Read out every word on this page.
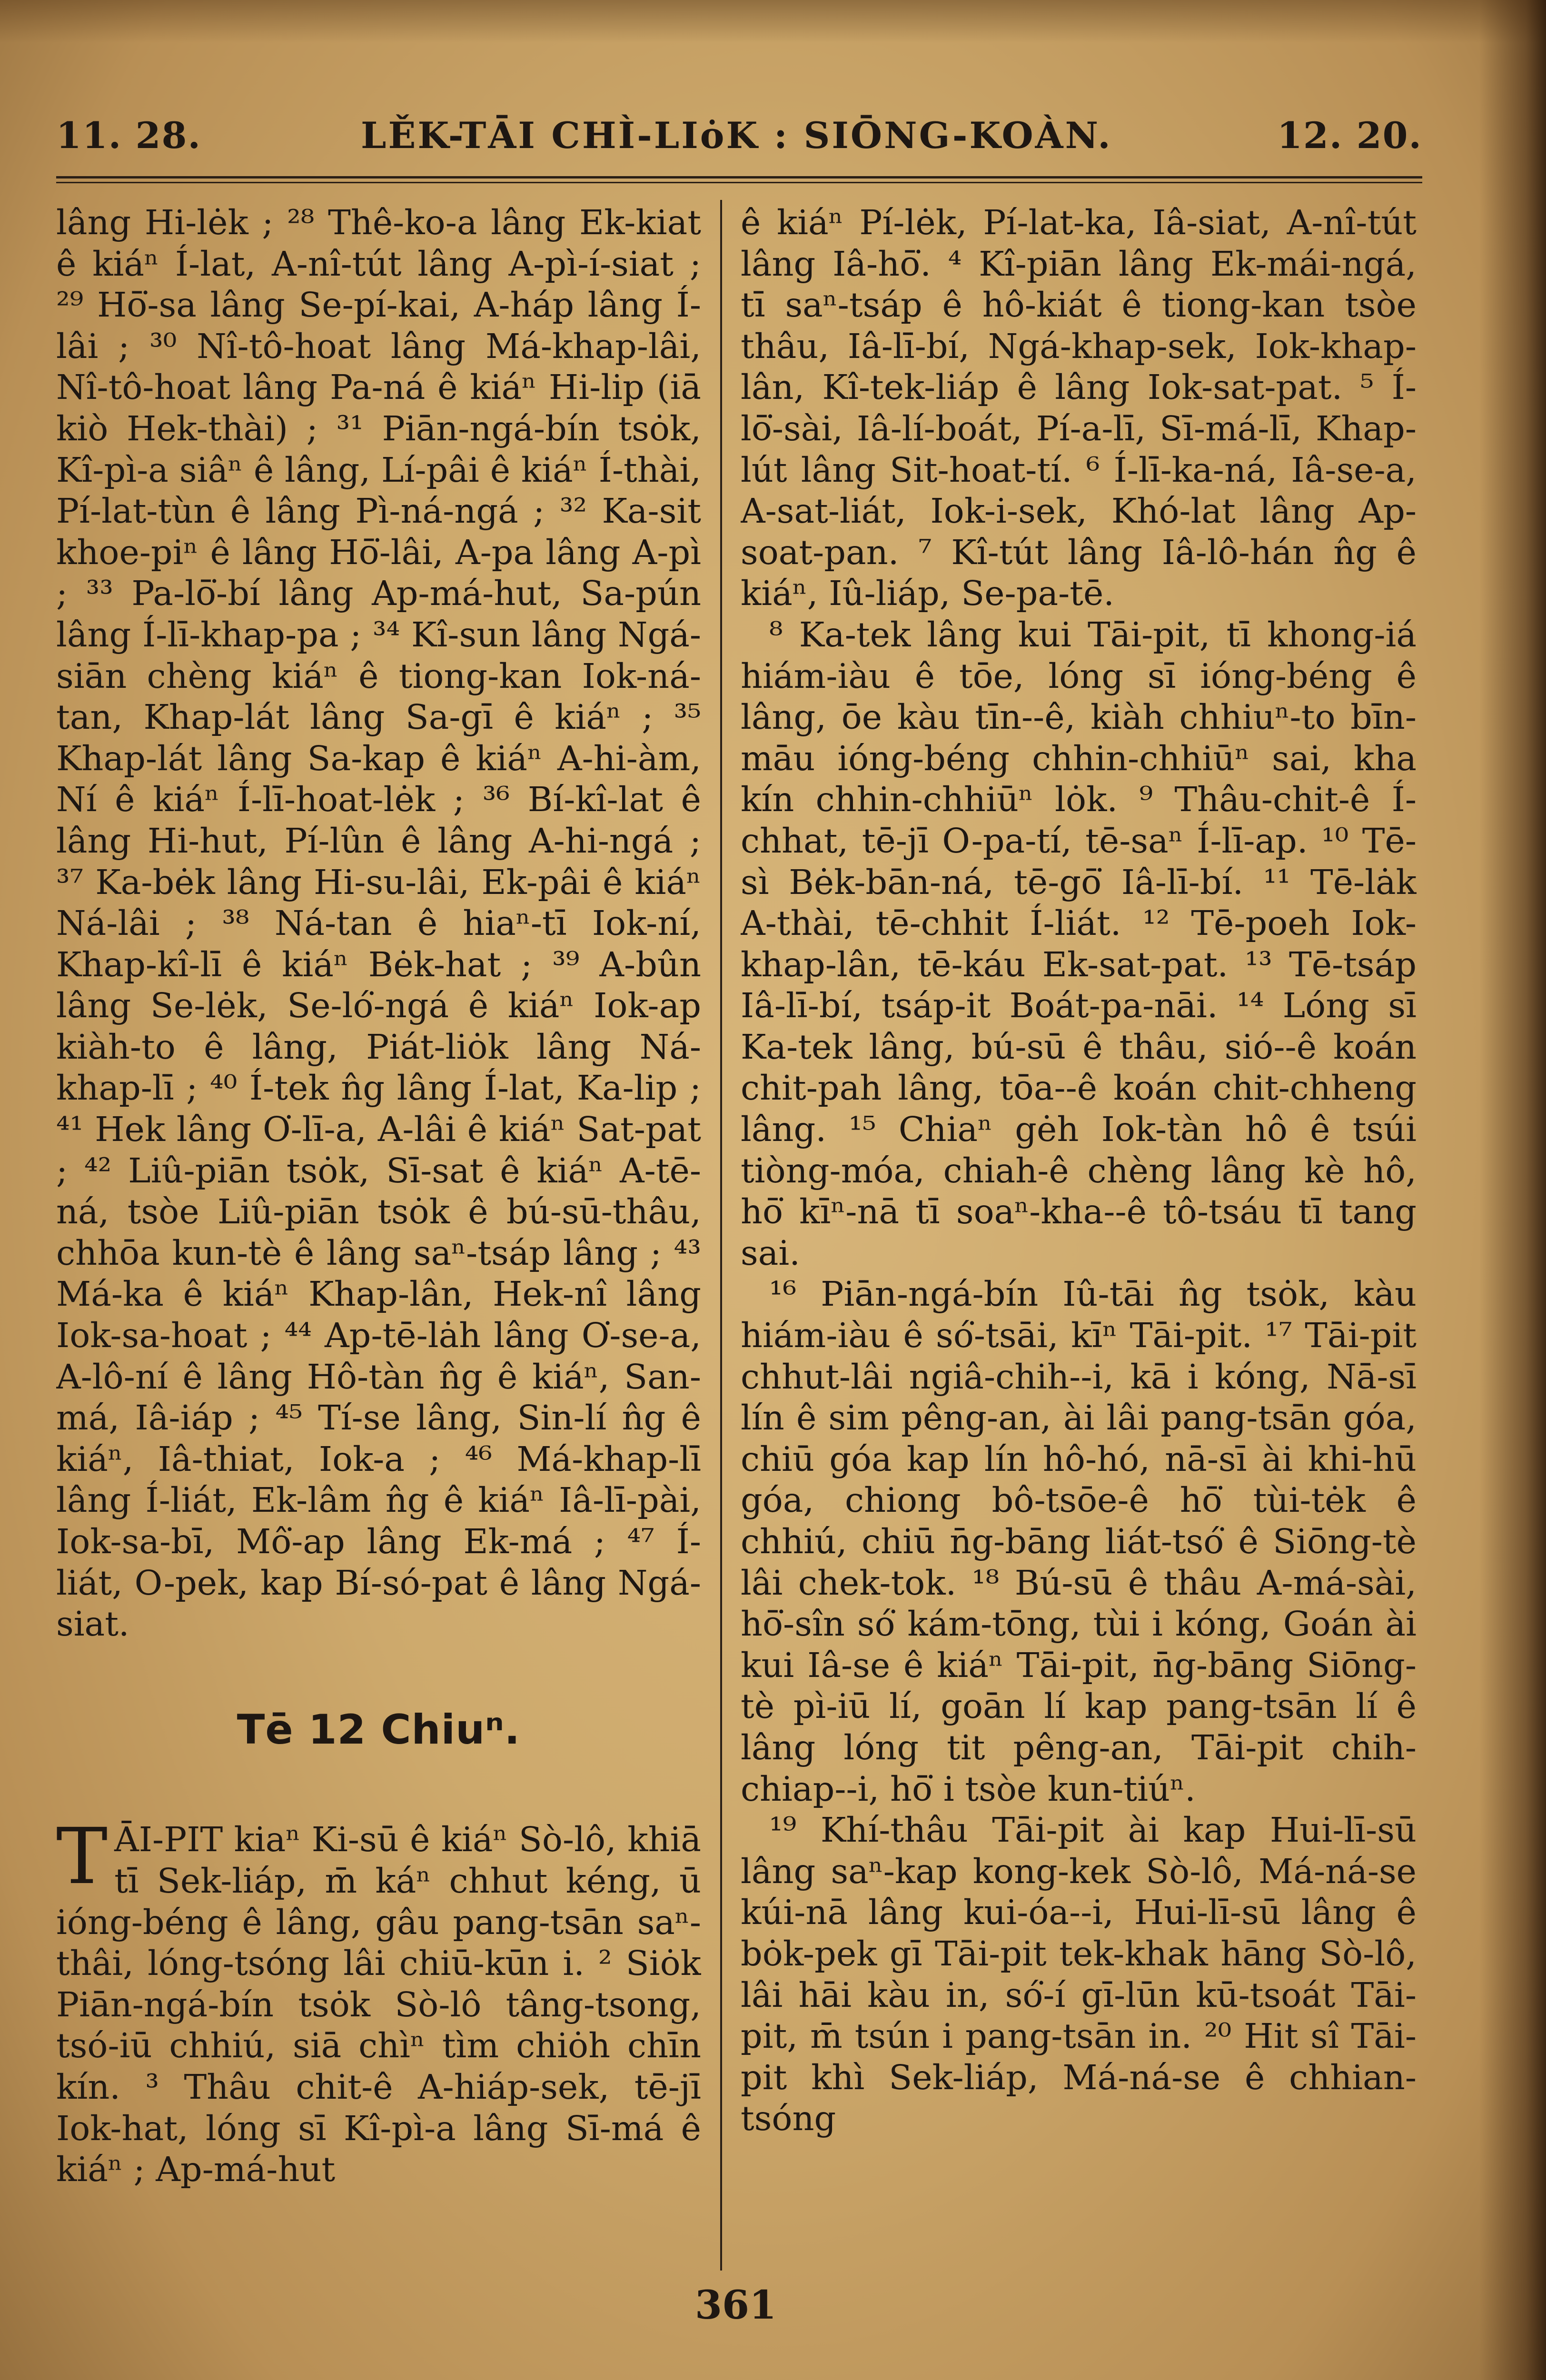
11. 28.	LĚK-TĀI CHÌ-LIȯK : SIŌNG-KOÀN.	12. 20.

lâng Hi-lėk ; ²⁸ Thê-ko-a lâng Ek-kiat ê kiáⁿ Í-lat, A-nî-tút lâng A-pì-í-siat ; ²⁹ Hō͘-sa lâng Se-pí-kai, A-háp lâng Í-lâi ; ³⁰ Nî-tô-hoat lâng Má-khap-lâi, Nî-tô-hoat lâng Pa-ná ê kiáⁿ Hi-lip (iā kiò Hek-thài) ; ³¹ Piān-ngá-bín tsȯk, Kî-pì-a siâⁿ ê lâng, Lí-pâi ê kiáⁿ Í-thài, Pí-lat-tùn ê lâng Pì-ná-ngá ; ³² Ka-sit khoe-piⁿ ê lâng Hō͘-lâi, A-pa lâng A-pì ; ³³ Pa-lō͘-bí lâng Ap-má-hut, Sa-pún lâng Í-lī-khap-pa ; ³⁴ Kî-sun lâng Ngá-siān chèng kiáⁿ ê tiong-kan Iok-ná-tan, Khap-lát lâng Sa-gī ê kiáⁿ ; ³⁵ Khap-lát lâng Sa-kap ê kiáⁿ A-hi-àm, Ní ê kiáⁿ Í-lī-hoat-lėk ; ³⁶ Bí-kî-lat ê lâng Hi-hut, Pí-lûn ê lâng A-hi-ngá ; ³⁷ Ka-bėk lâng Hi-su-lâi, Ek-pâi ê kiáⁿ Ná-lâi ; ³⁸ Ná-tan ê hiaⁿ-tī Iok-ní, Khap-kî-lī ê kiáⁿ Bėk-hat ; ³⁹ A-bûn lâng Se-lėk, Se-ló͘-ngá ê kiáⁿ Iok-ap kiàh-to ê lâng, Piát-liȯk lâng Ná-khap-lī ; ⁴⁰ Í-tek n̂g lâng Í-lat, Ka-lip ; ⁴¹ Hek lâng O͘-lī-a, A-lâi ê kiáⁿ Sat-pat ; ⁴² Liû-piān tsȯk, Sī-sat ê kiáⁿ A-tē-ná, tsòe Liû-piān tsȯk ê bú-sū-thâu, chhōa kun-tè ê lâng saⁿ-tsáp lâng ; ⁴³ Má-ka ê kiáⁿ Khap-lân, Hek-nî lâng Iok-sa-hoat ; ⁴⁴ Ap-tē-lȧh lâng O͘-se-a, A-lô-ní ê lâng Hô-tàn n̂g ê kiáⁿ, San-má, Iâ-iáp ; ⁴⁵ Tí-se lâng, Sin-lí n̂g ê kiáⁿ, Iâ-thiat, Iok-a ; ⁴⁶ Má-khap-lī lâng Í-liát, Ek-lâm n̂g ê kiáⁿ Iâ-lī-pài, Iok-sa-bī, Mô͘-ap lâng Ek-má ; ⁴⁷ Í-liát, O-pek, kap Bí-só-pat ê lâng Ngá-siat.

Tē 12 Chiuⁿ.

TĀI-PIT kiaⁿ Ki-sū ê kiáⁿ Sò-lô, khiā tī Sek-liáp, m̄ káⁿ chhut kéng, ū ióng-béng ê lâng, gâu pang-tsān saⁿ-thâi, lóng-tsóng lâi chiū-kūn i. ² Siȯk Piān-ngá-bín tsȯk Sò-lô tâng-tsong, tsó-iū chhiú, siā chìⁿ tìm chiȯh chīn kín. ³ Thâu chit-ê A-hiáp-sek, tē-jī Iok-hat, lóng sī Kî-pì-a lâng Sī-má ê kiáⁿ ; Ap-má-hut

ê kiáⁿ Pí-lėk, Pí-lat-ka, Iâ-siat, A-nî-tút lâng Iâ-hō͘. ⁴ Kî-piān lâng Ek-mái-ngá, tī saⁿ-tsáp ê hô-kiát ê tiong-kan tsòe thâu, Iâ-lī-bí, Ngá-khap-sek, Iok-khap-lân, Kî-tek-liáp ê lâng Iok-sat-pat. ⁵ Í-lō͘-sài, Iâ-lí-boát, Pí-a-lī, Sī-má-lī, Khap-lút lâng Sit-hoat-tí. ⁶ Í-lī-ka-ná, Iâ-se-a, A-sat-liát, Iok-i-sek, Khó-lat lâng Ap-soat-pan. ⁷ Kî-tút lâng Iâ-lô-hán n̂g ê kiáⁿ, Iû-liáp, Se-pa-tē.

⁸ Ka-tek lâng kui Tāi-pit, tī khong-iá hiám-iàu ê tōe, lóng sī ióng-béng ê lâng, ōe kàu tīn--ê, kiàh chhiuⁿ-to bīn-māu ióng-béng chhin-chhiūⁿ sai, kha kín chhin-chhiūⁿ lȯk. ⁹ Thâu-chit-ê Í-chhat, tē-jī O-pa-tí, tē-saⁿ Í-lī-ap. ¹⁰ Tē-sì Bėk-bān-ná, tē-gō͘ Iâ-lī-bí. ¹¹ Tē-lȧk A-thài, tē-chhit Í-liát. ¹² Tē-poeh Iok-khap-lân, tē-káu Ek-sat-pat. ¹³ Tē-tsáp Iâ-lī-bí, tsáp-it Boát-pa-nāi. ¹⁴ Lóng sī Ka-tek lâng, bú-sū ê thâu, sió--ê koán chit-pah lâng, tōa--ê koán chit-chheng lâng. ¹⁵ Chiaⁿ gėh Iok-tàn hô ê tsúi tiòng-móa, chiah-ê chèng lâng kè hô, hō͘ kīⁿ-nā tī soaⁿ-kha--ê tô-tsáu tī tang sai.

¹⁶ Piān-ngá-bín Iû-tāi n̂g tsȯk, kàu hiám-iàu ê só͘-tsāi, kīⁿ Tāi-pit. ¹⁷ Tāi-pit chhut-lâi ngiâ-chih--i, kā i kóng, Nā-sī lín ê sim pêng-an, ài lâi pang-tsān góa, chiū góa kap lín hô-hó, nā-sī ài khi-hū góa, chiong bô-tsōe-ê hō͘ tùi-tėk ê chhiú, chiū n̄g-bāng liát-tsó͘ ê Siōng-tè lâi chek-tok. ¹⁸ Bú-sū ê thâu A-má-sài, hō͘-sîn só͘ kám-tōng, tùi i kóng, Goán ài kui Iâ-se ê kiáⁿ Tāi-pit, n̄g-bāng Siōng-tè pì-iū lí, goān lí kap pang-tsān lí ê lâng lóng tit pêng-an, Tāi-pit chih-chiap--i, hō͘ i tsòe kun-tiúⁿ.

¹⁹ Khí-thâu Tāi-pit ài kap Hui-lī-sū lâng saⁿ-kap kong-kek Sò-lô, Má-ná-se kúi-nā lâng kui-óa--i, Hui-lī-sū lâng ê bȯk-pek gī Tāi-pit tek-khak hāng Sò-lô, lâi hāi kàu in, só͘-í gī-lūn kū-tsoát Tāi-pit, m̄ tsún i pang-tsān in. ²⁰ Hit sî Tāi-pit khì Sek-liáp, Má-ná-se ê chhian-tsóng

361
